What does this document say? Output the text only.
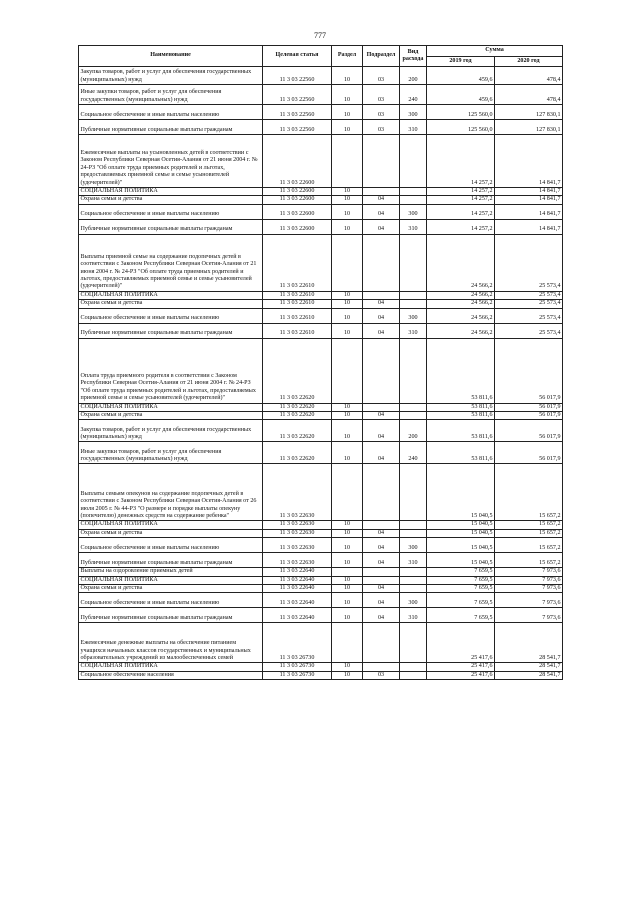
777
Наименование	Целевая статья	Раздел	Подраздел	Вид расхода	Сумма	
					2019 год	2020 год
Закупка товаров, работ и услуг для обеспечения государственных (муниципальных) нужд	11 3 03 22560	10	03	200	459,6	478,4
Иные закупки товаров, работ и услуг для обеспечения государственных (муниципальных) нужд	11 3 03 22560	10	03	240	459,6	478,4
Социальное обеспечение и иные выплаты населению	11 3 03 22560	10	03	300	125 560,0	127 830,1
Публичные нормативные социальные выплаты гражданам	11 3 03 22560	10	03	310	125 560,0	127 830,1
Ежемесячные выплаты на усыновленных детей в соответствии с Законом Республики Северная Осетия-Алания от 21 июня 2004 г. № 24-РЗ "Об оплате труда приемных родителей и льготах, предоставляемых приемной семье и семье усыновителей (удочерителей)"	11 3 03 22600				14 257,2	14 841,7
СОЦИАЛЬНАЯ ПОЛИТИКА	11 3 03 22600	10			14 257,2	14 841,7
Охрана семьи и детства	11 3 03 22600	10	04		14 257,2	14 841,7
Социальное обеспечение и иные выплаты населению	11 3 03 22600	10	04	300	14 257,2	14 841,7
Публичные нормативные социальные выплаты гражданам	11 3 03 22600	10	04	310	14 257,2	14 841,7
Выплаты приемной семье на содержание подопечных детей в соответствии с Законом Республики Северная Осетия-Алания от 21 июня 2004 г. № 24-РЗ "Об оплате труда приемных родителей и льготах, предоставляемых приемной семье и семье усыновителей (удочерителей)"	11 3 03 22610				24 566,2	25 573,4
СОЦИАЛЬНАЯ ПОЛИТИКА	11 3 03 22610	10			24 566,2	25 573,4
Охрана семьи и детства	11 3 03 22610	10	04		24 566,2	25 573,4
Социальное обеспечение и иные выплаты населению	11 3 03 22610	10	04	300	24 566,2	25 573,4
Публичные нормативные социальные выплаты гражданам	11 3 03 22610	10	04	310	24 566,2	25 573,4
Оплата труда приемного родителя в соответствии с Законом Республики Северная Осетия-Алания от 21 июня 2004 г. № 24-РЗ "Об оплате труда приемных родителей и льготах, предоставляемых приемной семье и семье усыновителей (удочерителей)"	11 3 03 22620				53 811,6	56 017,9
СОЦИАЛЬНАЯ ПОЛИТИКА	11 3 03 22620	10			53 811,6	56 017,9
Охрана семьи и детства	11 3 03 22620	10	04		53 811,6	56 017,9
Закупка товаров, работ и услуг для обеспечения государственных (муниципальных) нужд	11 3 03 22620	10	04	200	53 811,6	56 017,9
Иные закупки товаров, работ и услуг для обеспечения государственных (муниципальных) нужд	11 3 03 22620	10	04	240	53 811,6	56 017,9
Выплаты семьям опекунов на содержание подопечных детей в соответствии с Законом Республики Северная Осетия-Алания от 26 июля 2005 г. № 44-РЗ "О размере и порядке выплаты опекуну (попечителю) денежных средств на содержание ребенка"	11 3 03 22630				15 040,5	15 657,2
СОЦИАЛЬНАЯ ПОЛИТИКА	11 3 03 22630	10			15 040,5	15 657,2
Охрана семьи и детства	11 3 03 22630	10	04		15 040,5	15 657,2
Социальное обеспечение и иные выплаты населению	11 3 03 22630	10	04	300	15 040,5	15 657,2
Публичные нормативные социальные выплаты гражданам	11 3 03 22630	10	04	310	15 040,5	15 657,2
Выплаты на оздоровление приемных детей	11 3 03 22640				7 659,5	7 973,6
СОЦИАЛЬНАЯ ПОЛИТИКА	11 3 03 22640	10			7 659,5	7 973,6
Охрана семьи и детства	11 3 03 22640	10	04		7 659,5	7 973,6
Социальное обеспечение и иные выплаты населению	11 3 03 22640	10	04	300	7 659,5	7 973,6
Публичные нормативные социальные выплаты гражданам	11 3 03 22640	10	04	310	7 659,5	7 973,6
Ежемесячные денежные выплаты на обеспечение питанием учащихся начальных классов государственных и муниципальных образовательных учреждений из малообеспеченных семей	11 3 03 26730				25 417,6	28 541,7
СОЦИАЛЬНАЯ ПОЛИТИКА	11 3 03 26730	10			25 417,6	28 541,7
Социальное обеспечение населения	11 3 03 26730	10	03		25 417,6	28 541,7
